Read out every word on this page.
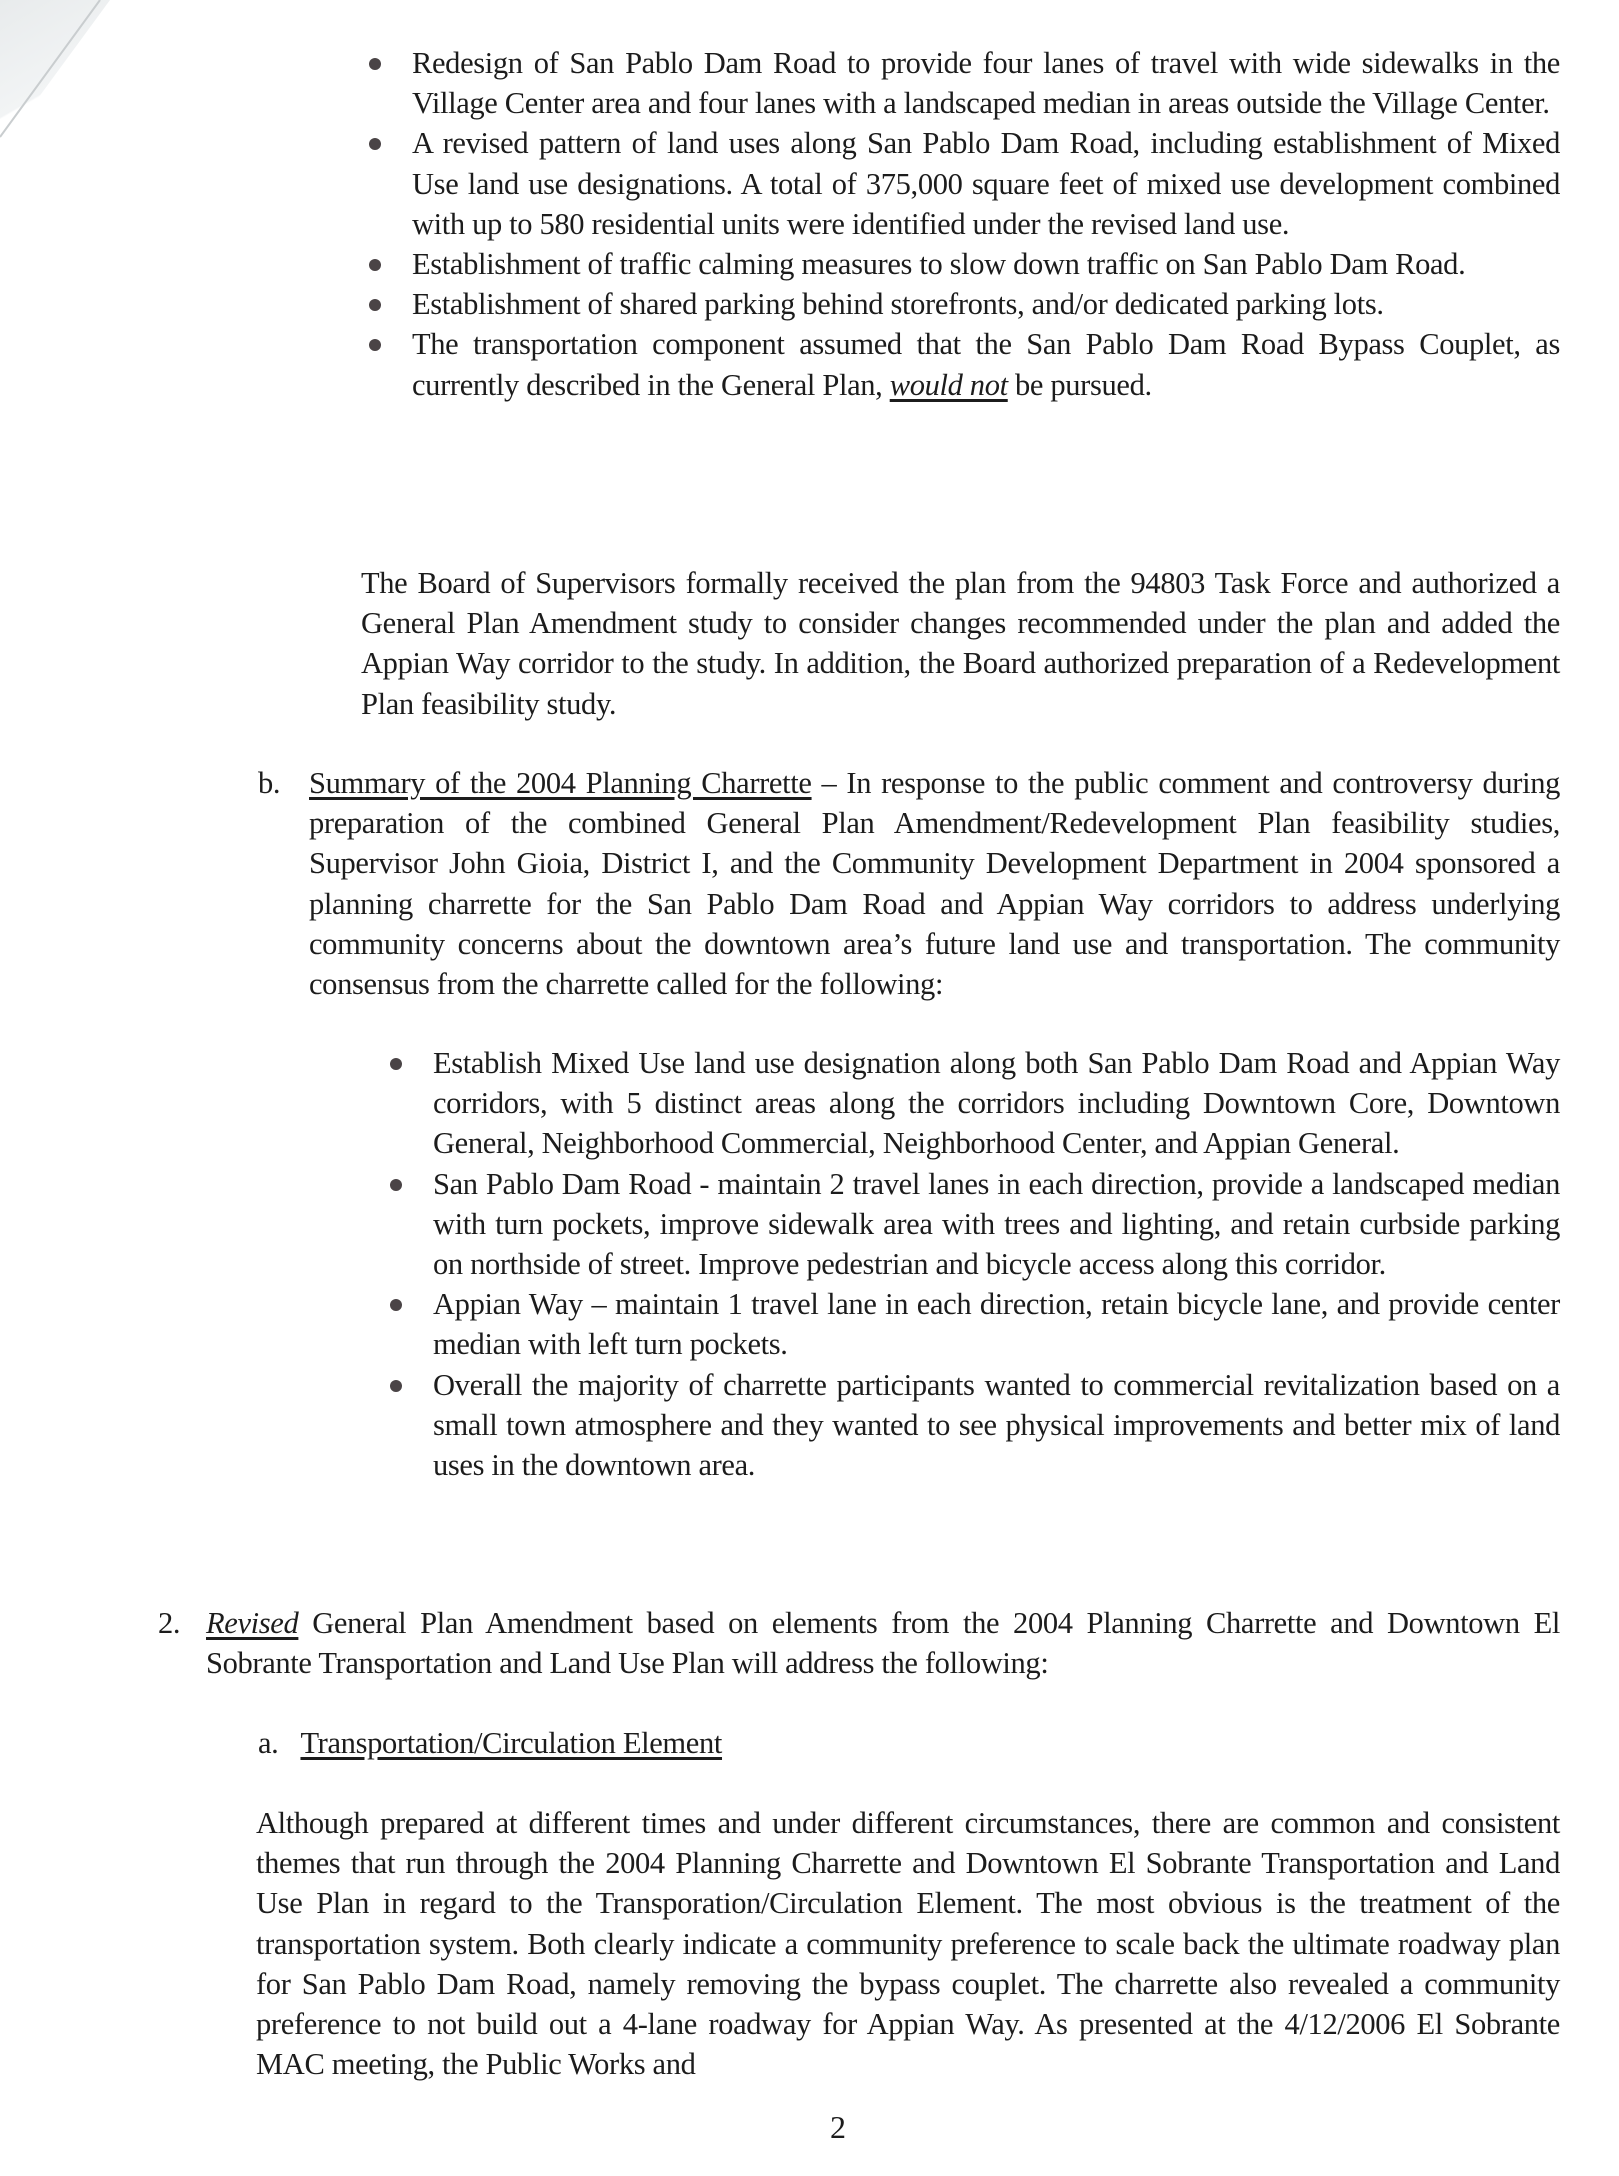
Redesign of San Pablo Dam Road to provide four lanes of travel with wide sidewalks in the Village Center area and four lanes with a landscaped median in areas outside the Village Center.
A revised pattern of land uses along San Pablo Dam Road, including establishment of Mixed Use land use designations. A total of 375,000 square feet of mixed use development combined with up to 580 residential units were identified under the revised land use.
Establishment of traffic calming measures to slow down traffic on San Pablo Dam Road.
Establishment of shared parking behind storefronts, and/or dedicated parking lots.
The transportation component assumed that the San Pablo Dam Road Bypass Couplet, as currently described in the General Plan, would not be pursued.

The Board of Supervisors formally received the plan from the 94803 Task Force and authorized a General Plan Amendment study to consider changes recommended under the plan and added the Appian Way corridor to the study. In addition, the Board authorized preparation of a Redevelopment Plan feasibility study.

b. Summary of the 2004 Planning Charrette – In response to the public comment and controversy during preparation of the combined General Plan Amendment/Redevelopment Plan feasibility studies, Supervisor John Gioia, District I, and the Community Development Department in 2004 sponsored a planning charrette for the San Pablo Dam Road and Appian Way corridors to address underlying community concerns about the downtown area’s future land use and transportation. The community consensus from the charrette called for the following:
Establish Mixed Use land use designation along both San Pablo Dam Road and Appian Way corridors, with 5 distinct areas along the corridors including Downtown Core, Downtown General, Neighborhood Commercial, Neighborhood Center, and Appian General.
San Pablo Dam Road - maintain 2 travel lanes in each direction, provide a landscaped median with turn pockets, improve sidewalk area with trees and lighting, and retain curbside parking on northside of street. Improve pedestrian and bicycle access along this corridor.
Appian Way – maintain 1 travel lane in each direction, retain bicycle lane, and provide center median with left turn pockets.
Overall the majority of charrette participants wanted to commercial revitalization based on a small town atmosphere and they wanted to see physical improvements and better mix of land uses in the downtown area.
2. Revised General Plan Amendment based on elements from the 2004 Planning Charrette and Downtown El Sobrante Transportation and Land Use Plan will address the following:
a. Transportation/Circulation Element

Although prepared at different times and under different circumstances, there are common and consistent themes that run through the 2004 Planning Charrette and Downtown El Sobrante Transportation and Land Use Plan in regard to the Transporation/Circulation Element. The most obvious is the treatment of the transportation system. Both clearly indicate a community preference to scale back the ultimate roadway plan for San Pablo Dam Road, namely removing the bypass couplet. The charrette also revealed a community preference to not build out a 4-lane roadway for Appian Way. As presented at the 4/12/2006 El Sobrante MAC meeting, the Public Works and

2
